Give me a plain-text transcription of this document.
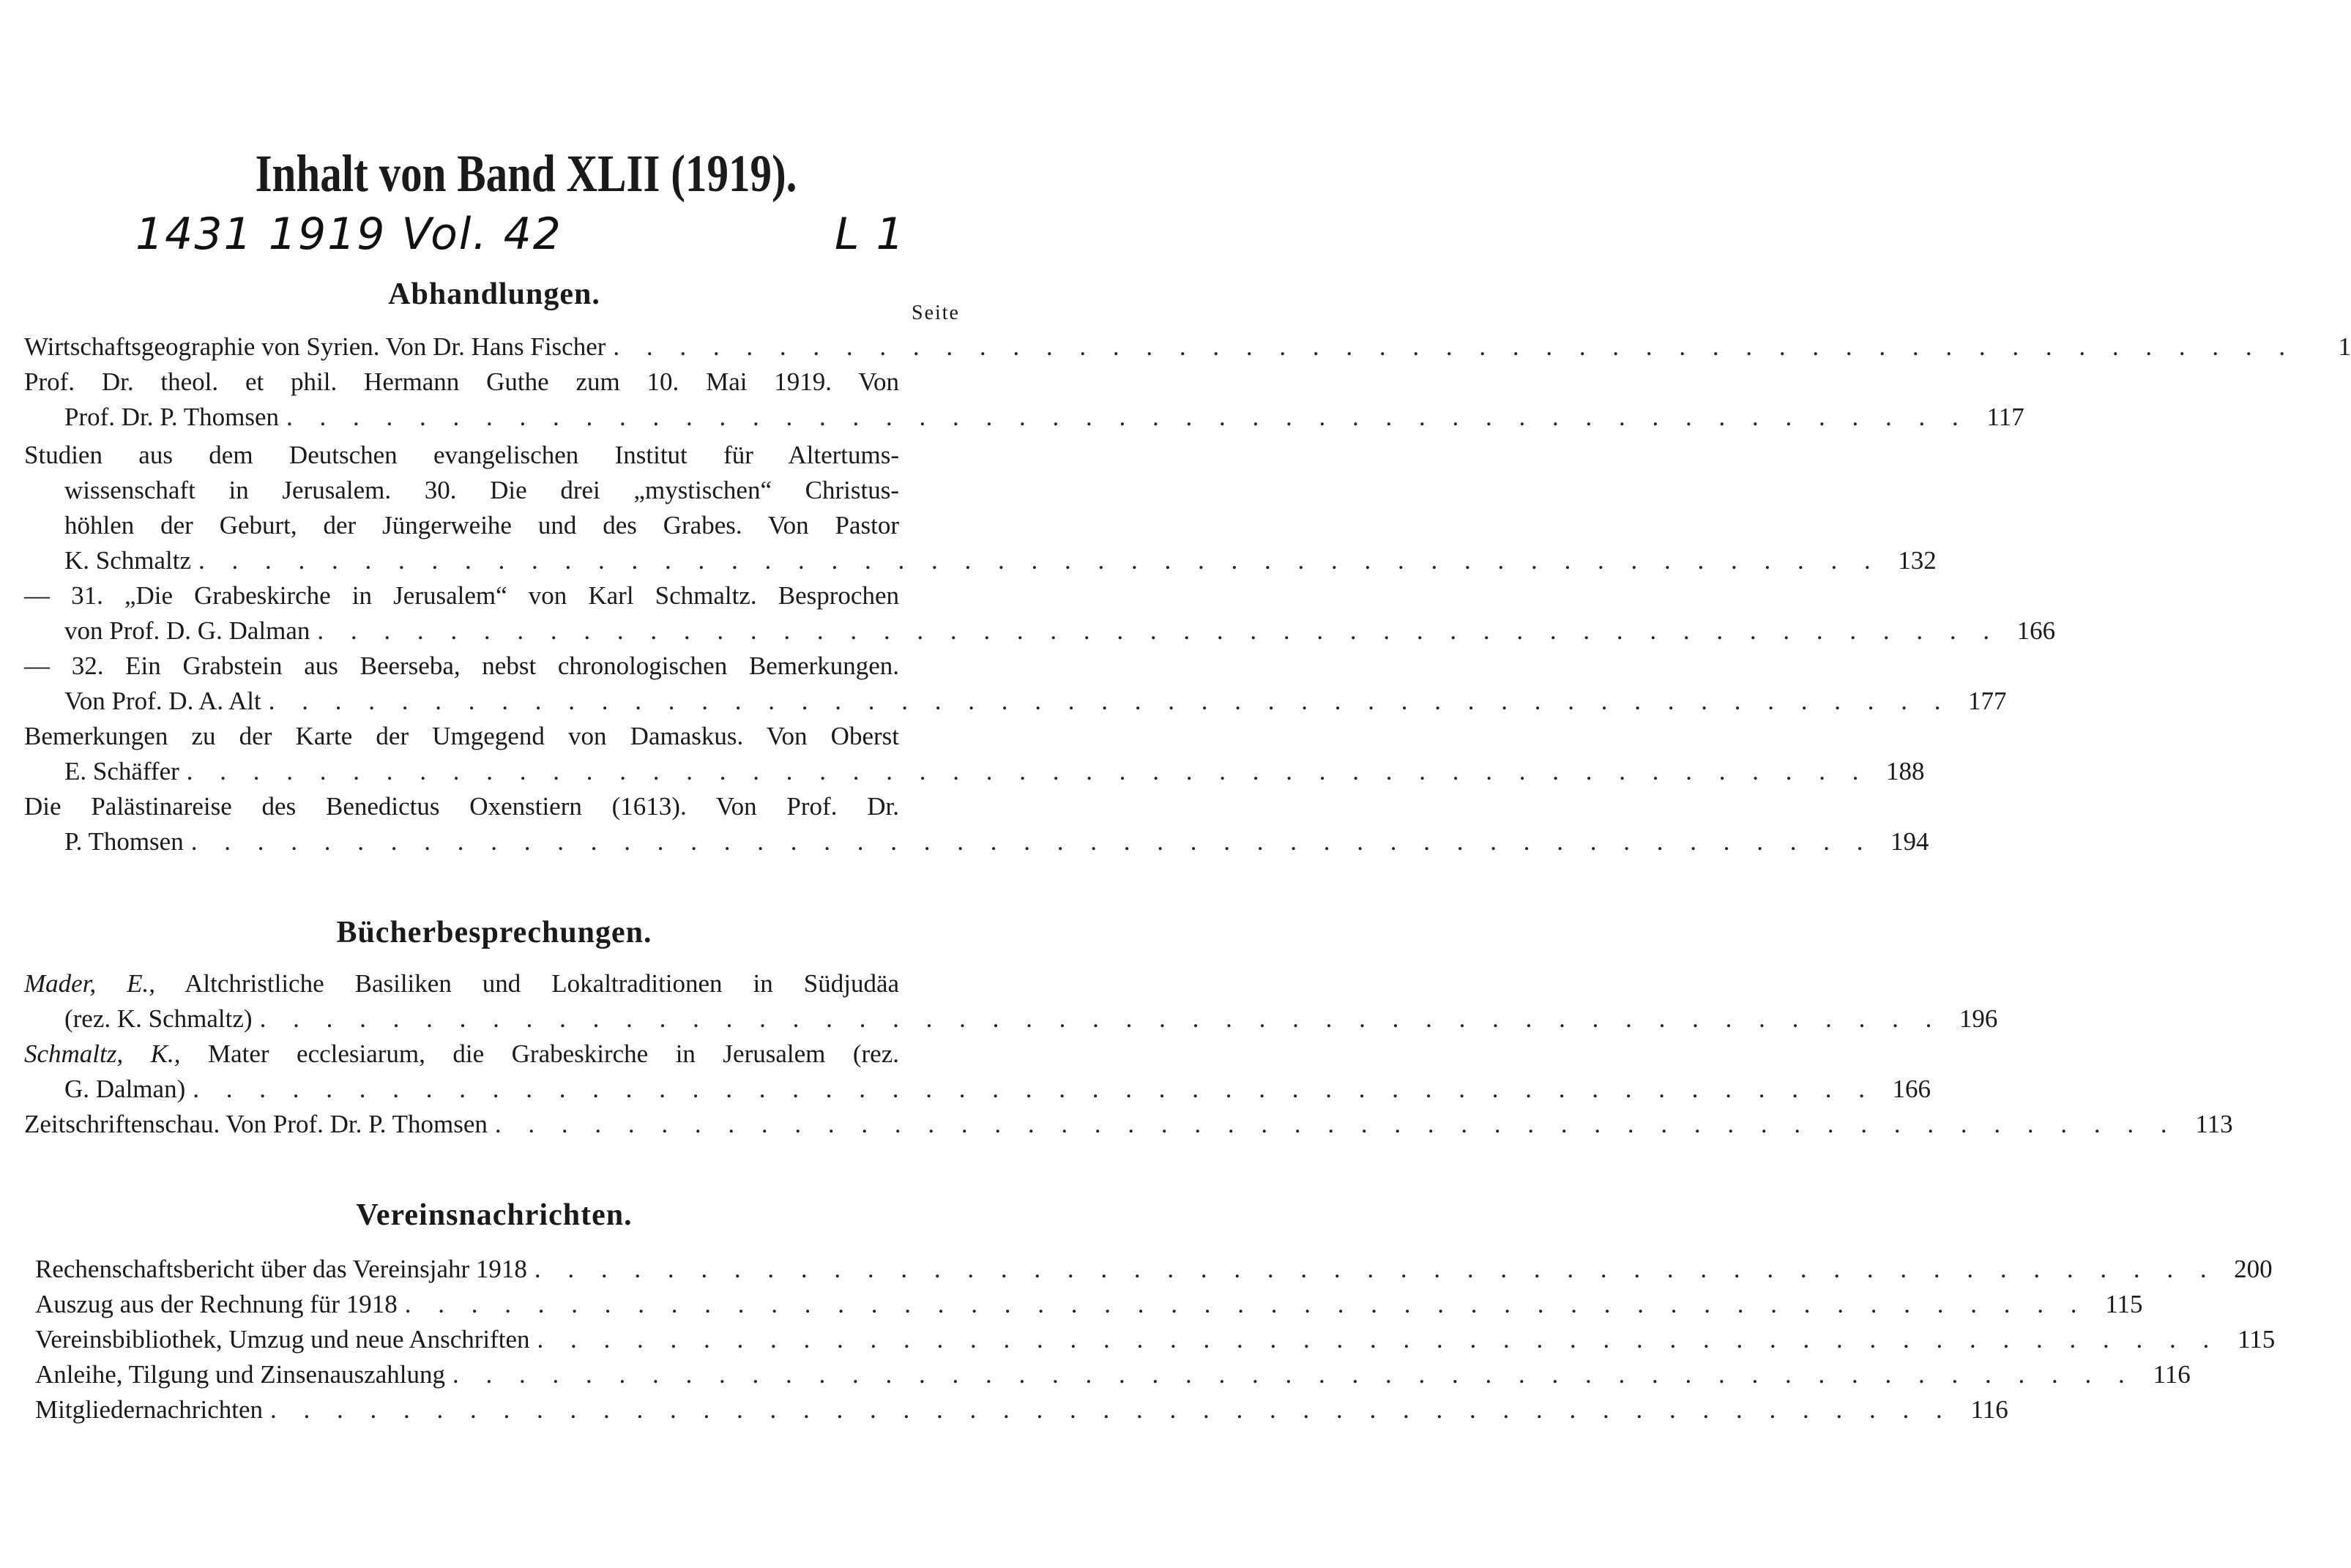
Inhalt von Band XLII (1919).
1431 1919 Vol. 42	L 1
Abhandlungen.
Seite
Wirtschaftsgeographie von Syrien. Von Dr. Hans Fischer . . . . . . . . . . . . . . . . . . . . . . . . . . . . . . . . . . . . . . . . . . . . . . . . . . .	1
Prof. Dr. theol. et phil. Hermann Guthe zum 10. Mai 1919. Von
Prof. Dr. P. Thomsen . . . . . . . . . . . . . . . . . . . . . . . . . . . . . . . . . . . . . . . . . . . . . . . . . . . 117
Studien aus dem Deutschen evangelischen Institut für Altertums-
wissenschaft in Jerusalem. 30. Die drei „mystischen“ Christus-
höhlen der Geburt, der Jüngerweihe und des Grabes. Von Pastor
K. Schmaltz . . . . . . . . . . . . . . . . . . . . . . . . . . . . . . . . . . . . . . . . . . . . . . . . . . . 132
— 31. „Die Grabeskirche in Jerusalem“ von Karl Schmaltz. Besprochen
von Prof. D. G. Dalman . . . . . . . . . . . . . . . . . . . . . . . . . . . . . . . . . . . . . . . . . . . . . . . . . . . 166
— 32. Ein Grabstein aus Beerseba, nebst chronologischen Bemerkungen.
Von Prof. D. A. Alt . . . . . . . . . . . . . . . . . . . . . . . . . . . . . . . . . . . . . . . . . . . . . . . . . . . 177
Bemerkungen zu der Karte der Umgegend von Damaskus. Von Oberst
E. Schäffer . . . . . . . . . . . . . . . . . . . . . . . . . . . . . . . . . . . . . . . . . . . . . . . . . . . 188
Die Palästinareise des Benedictus Oxenstiern (1613). Von Prof. Dr.
P. Thomsen . . . . . . . . . . . . . . . . . . . . . . . . . . . . . . . . . . . . . . . . . . . . . . . . . . . 194
Bücherbesprechungen.
Mader, E., Altchristliche Basiliken und Lokaltraditionen in Südjudäa
(rez. K. Schmaltz) . . . . . . . . . . . . . . . . . . . . . . . . . . . . . . . . . . . . . . . . . . . . . . . . . . . 196
Schmaltz, K., Mater ecclesiarum, die Grabeskirche in Jerusalem (rez.
G. Dalman) . . . . . . . . . . . . . . . . . . . . . . . . . . . . . . . . . . . . . . . . . . . . . . . . . . . 166
Zeitschriftenschau. Von Prof. Dr. P. Thomsen . . . . . . . . . . . . . . . . . . . . . . . . . . . . . . . . . . . . . . . . . . . . . . . . . . . 113
Vereinsnachrichten.
Rechenschaftsbericht über das Vereinsjahr 1918 . . . . . . . . . . . . . . . . . . . . . . . . . . . . . . . . . . . . . . . . . . . . . . . . . . . 200
Auszug aus der Rechnung für 1918 . . . . . . . . . . . . . . . . . . . . . . . . . . . . . . . . . . . . . . . . . . . . . . . . . . . 115
Vereinsbibliothek, Umzug und neue Anschriften . . . . . . . . . . . . . . . . . . . . . . . . . . . . . . . . . . . . . . . . . . . . . . . . . . . 115
Anleihe, Tilgung und Zinsenauszahlung . . . . . . . . . . . . . . . . . . . . . . . . . . . . . . . . . . . . . . . . . . . . . . . . . . . 116
Mitgliedernachrichten . . . . . . . . . . . . . . . . . . . . . . . . . . . . . . . . . . . . . . . . . . . . . . . . . . . 116
